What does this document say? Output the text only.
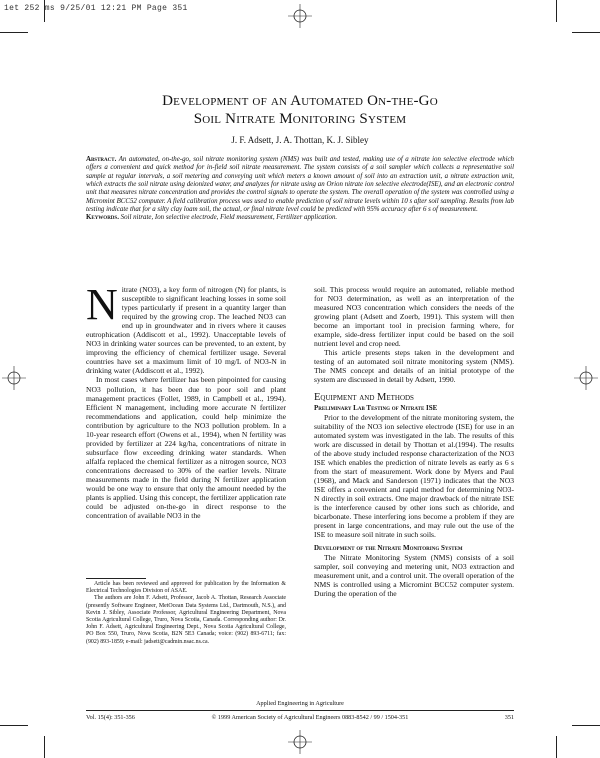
1et 252 ms 9/25/01 12:21 PM Page 351
Development of an Automated On-the-Go
Soil Nitrate Monitoring System
J. F. Adsett, J. A. Thottan, K. J. Sibley

Abstract. An automated, on-the-go, soil nitrate monitoring system (NMS) was built and tested, making use of a nitrate ion selective electrode which offers a convenient and quick method for in-field soil nitrate measurement. The system consists of a soil sampler which collects a representative soil sample at regular intervals, a soil metering and conveying unit which meters a known amount of soil into an extraction unit, a nitrate extraction unit, which extracts the soil nitrate using deionized water, and analyzes for nitrate using an Orion nitrate ion selective electrode(ISE), and an electronic control unit that measures nitrate concentration and provides the control signals to operate the system. The overall operation of the system was controlled using a Micromint BCC52 computer. A field calibration process was used to enable prediction of soil nitrate levels within 10 s after soil sampling. Results from lab testing indicate that for a silty clay loam soil, the actual, or final nitrate level could be predicted with 95% accuracy after 6 s of measurement.
Keywords. Soil nitrate, Ion selective electrode, Field measurement, Fertilizer application.

Nitrate (NO3), a key form of nitrogen (N) for plants, is susceptible to significant leaching losses in some soil types particularly if present in a quantity larger than required by the growing crop. The leached NO3 can end up in groundwater and in rivers where it causes eutrophication (Addiscott et al., 1992). Unacceptable levels of NO3 in drinking water sources can be prevented, to an extent, by improving the efficiency of chemical fertilizer usage. Several countries have set a maximum limit of 10 mg/L of NO3-N in drinking water (Addiscott et al., 1992).

In most cases where fertilizer has been pinpointed for causing NO3 pollution, it has been due to poor soil and plant management practices (Follet, 1989, in Campbell et al., 1994). Efficient N management, including more accurate N fertilizer recommendations and application, could help minimize the contribution by agriculture to the NO3 pollution problem. In a 10-year research effort (Owens et al., 1994), when N fertility was provided by fertilizer at 224 kg/ha, concentrations of nitrate in subsurface flow exceeding drinking water standards. When alfalfa replaced the chemical fertilizer as a nitrogen source, NO3 concentrations decreased to 30% of the earlier levels. Nitrate measurements made in the field during N fertilizer application would be one way to ensure that only the amount needed by the plants is applied. Using this concept, the fertilizer application rate could be adjusted on-the-go in direct response to the concentration of available NO3 in the

Article has been reviewed and approved for publication by the Information & Electrical Technologies Division of ASAE.

The authors are John F. Adsett, Professor, Jacob A. Thottan, Research Associate (presently Software Engineer, MetOcean Data Systems Ltd., Dartmouth, N.S.), and Kevin J. Sibley, Associate Professor, Agricultural Engineering Department, Nova Scotia Agricultural College, Truro, Nova Scotia, Canada. Corresponding author: Dr. John F. Adsett, Agricultural Engineering Dept., Nova Scotia Agricultural College, PO Box 550, Truro, Nova Scotia, B2N 5E3 Canada; voice: (902) 893-6711; fax: (902) 893-1859; e-mail: jadsett@cadmin.nsac.ns.ca.

soil. This process would require an automated, reliable method for NO3 determination, as well as an interpretation of the measured NO3 concentration which considers the needs of the growing plant (Adsett and Zoerb, 1991). This system will then become an important tool in precision farming where, for example, side-dress fertilizer input could be based on the soil nutrient level and crop need.

This article presents steps taken in the development and testing of an automated soil nitrate monitoring system (NMS). The NMS concept and details of an initial prototype of the system are discussed in detail by Adsett, 1990.

Equipment and Methods
Preliminary Lab Testing of Nitrate ISE

Prior to the development of the nitrate monitoring system, the suitability of the NO3 ion selective electrode (ISE) for use in an automated system was investigated in the lab. The results of this work are discussed in detail by Thottan et al.(1994). The results of the above study included response characterization of the NO3 ISE which enables the prediction of nitrate levels as early as 6 s from the start of measurement. Work done by Myers and Paul (1968), and Mack and Sanderson (1971) indicates that the NO3 ISE offers a convenient and rapid method for determining NO3-N directly in soil extracts. One major drawback of the nitrate ISE is the interference caused by other ions such as chloride, and bicarbonate. These interfering ions become a problem if they are present in large concentrations, and may rule out the use of the ISE to measure soil nitrate in such soils.

Development of the Nitrate Monitoring System

The Nitrate Monitoring System (NMS) consists of a soil sampler, soil conveying and metering unit, NO3 extraction and measurement unit, and a control unit. The overall operation of the NMS is controlled using a Micromint BCC52 computer system. During the operation of the

Applied Engineering in Agriculture
Vol. 15(4): 351-356	© 1999 American Society of Agricultural Engineers 0883-8542 / 99 / 1504-351	351
